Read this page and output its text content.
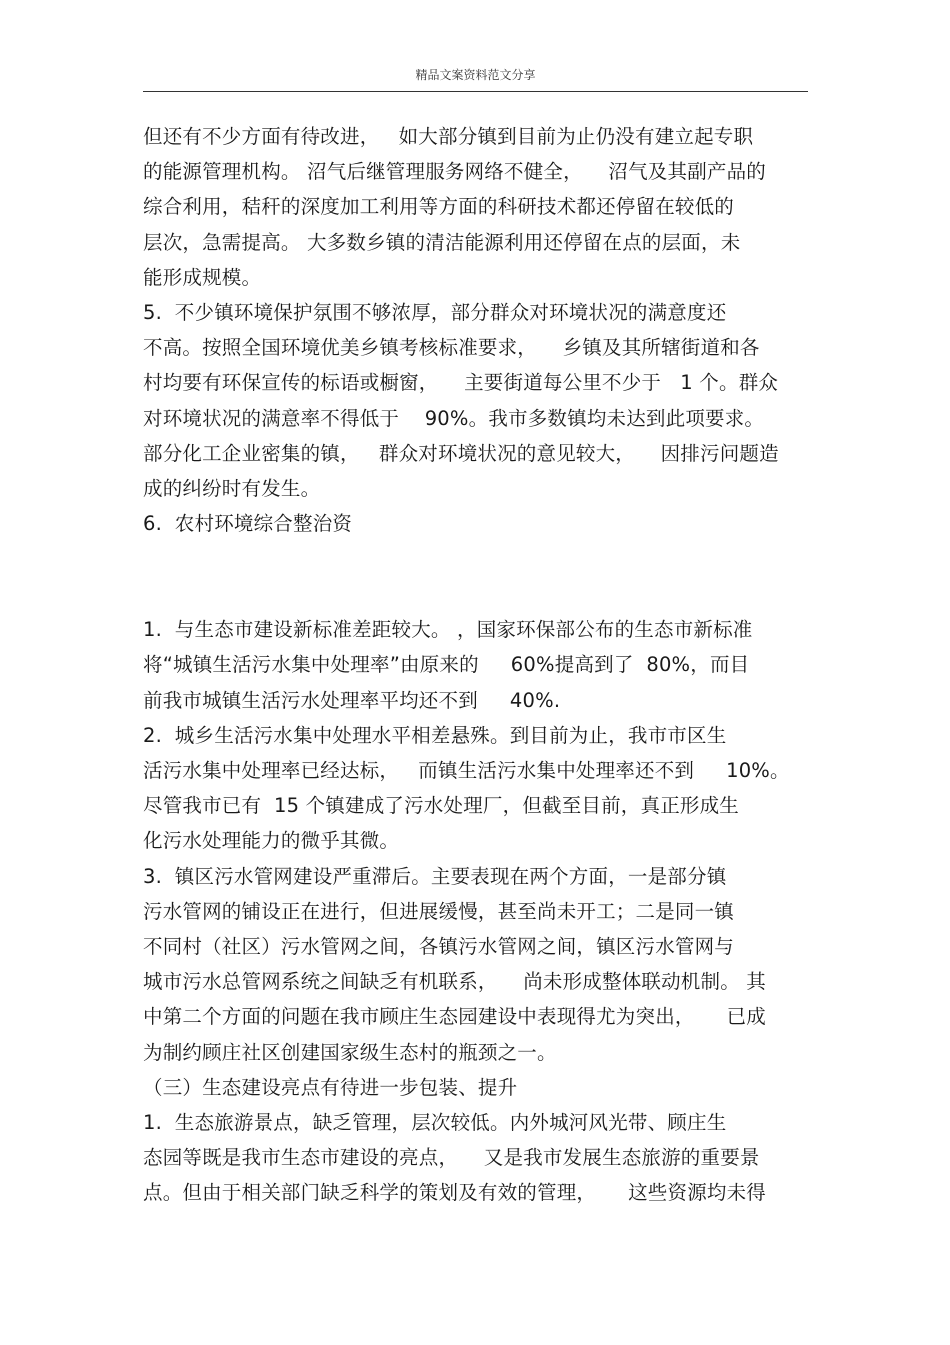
精品文案资料范文分享
但还有不少方面有待改进，   如大部分镇到目前为止仍没有建立起专职
的能源管理机构。 沼气后继管理服务网络不健全，    沼气及其副产品的
综合利用，秸秆的深度加工利用等方面的科研技术都还停留在较低的
层次，急需提高。 大多数乡镇的清洁能源利用还停留在点的层面，未
能形成规模。
5.  不少镇环境保护氛围不够浓厚，部分群众对环境状况的满意度还
不高。按照全国环境优美乡镇考核标准要求，    乡镇及其所辖街道和各
村均要有环保宣传的标语或橱窗，    主要街道每公里不少于   1 个。群众
对环境状况的满意率不得低于    90%。我市多数镇均未达到此项要求。
部分化工企业密集的镇，   群众对环境状况的意见较大，    因排污问题造
成的纠纷时有发生。
6.  农村环境综合整治资
1.  与生态市建设新标准差距较大。 ，国家环保部公布的生态市新标准
将“城镇生活污水集中处理率”由原来的     60%提高到了  80%，而目
前我市城镇生活污水处理率平均还不到     40%.
2.  城乡生活污水集中处理水平相差悬殊。到目前为止，我市市区生
活污水集中处理率已经达标，   而镇生活污水集中处理率还不到     10%。
尽管我市已有  15 个镇建成了污水处理厂，但截至目前，真正形成生
化污水处理能力的微乎其微。
3.  镇区污水管网建设严重滞后。主要表现在两个方面，一是部分镇
污水管网的铺设正在进行，但进展缓慢，甚至尚未开工；二是同一镇
不同村（社区）污水管网之间，各镇污水管网之间，镇区污水管网与
城市污水总管网系统之间缺乏有机联系，    尚未形成整体联动机制。 其
中第二个方面的问题在我市顾庄生态园建设中表现得尤为突出，     已成
为制约顾庄社区创建国家级生态村的瓶颈之一。
（三）生态建设亮点有待进一步包装、提升
1.  生态旅游景点，缺乏管理，层次较低。内外城河风光带、顾庄生
态园等既是我市生态市建设的亮点，    又是我市发展生态旅游的重要景
点。但由于相关部门缺乏科学的策划及有效的管理，     这些资源均未得
